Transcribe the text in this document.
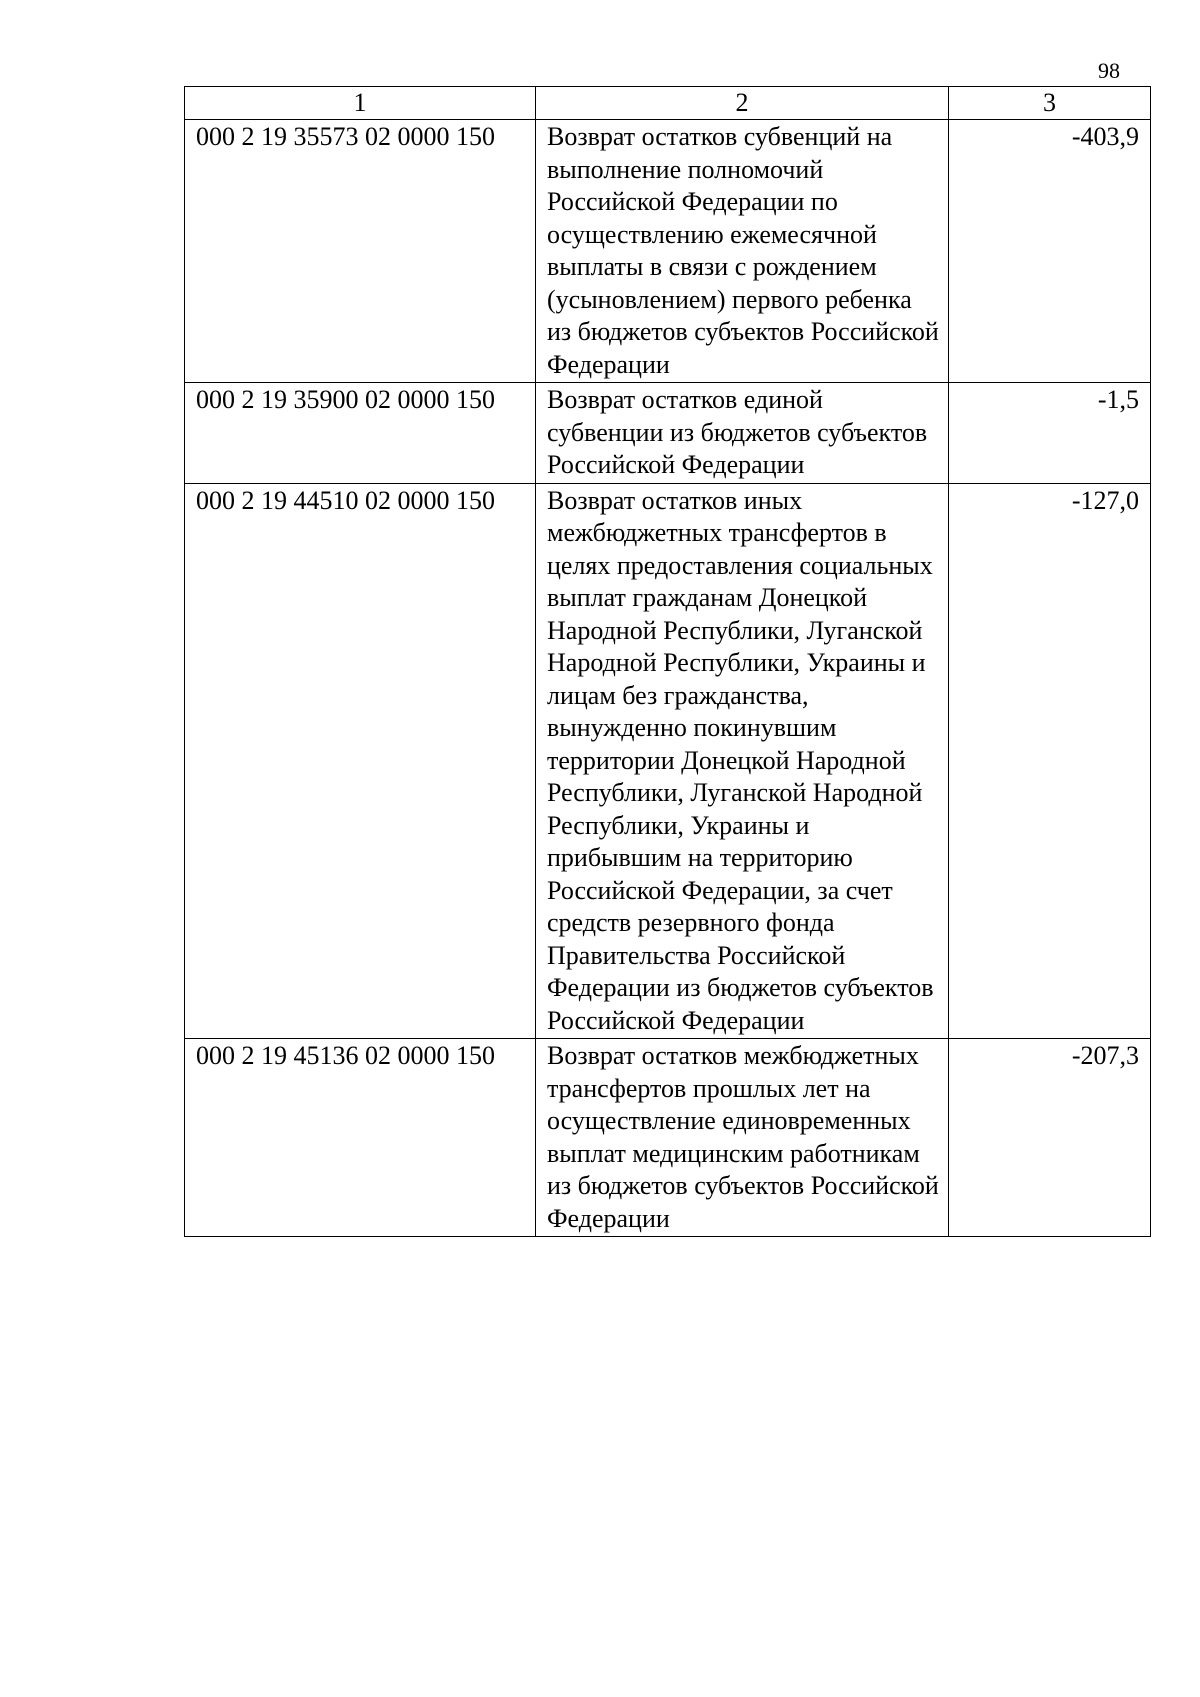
98
1	2	3
000 2 19 35573 02 0000 150	Возврат остатков субвенций на выполнение полномочий Российской Федерации по осуществлению ежемесячной выплаты в связи с рождением (усыновлением) первого ребенка из бюджетов субъектов Российской Федерации	-403,9
000 2 19 35900 02 0000 150	Возврат остатков единой субвенции из бюджетов субъектов Российской Федерации	-1,5
000 2 19 44510 02 0000 150	Возврат остатков иных межбюджетных трансфертов в целях предоставления социальных выплат гражданам Донецкой Народной Республики, Луганской Народной Республики, Украины и лицам без гражданства, вынужденно покинувшим территории Донецкой Народной Республики, Луганской Народной Республики, Украины и прибывшим на территорию Российской Федерации, за счет средств резервного фонда Правительства Российской Федерации из бюджетов субъектов Российской Федерации	-127,0
000 2 19 45136 02 0000 150	Возврат остатков межбюджетных трансфертов прошлых лет на осуществление единовременных выплат медицинским работникам из бюджетов субъектов Российской Федерации	-207,3
